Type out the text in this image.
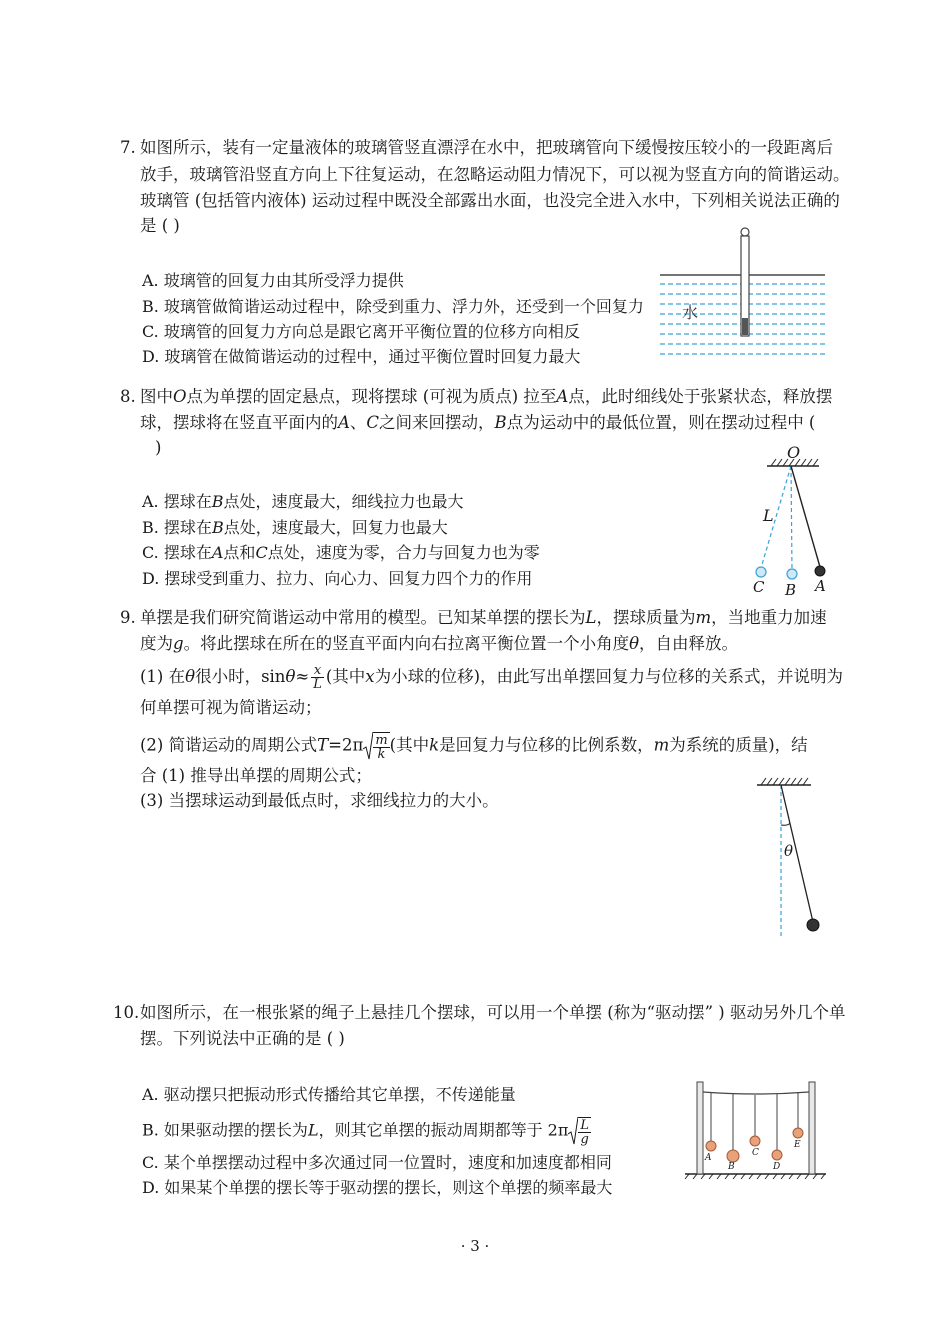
7. 如图所示，装有一定量液体的玻璃管竖直漂浮在水中，把玻璃管向下缓慢按压较小的一段距离后
放手，玻璃管沿竖直方向上下往复运动，在忽略运动阻力情况下，可以视为竖直方向的简谐运动。
玻璃管 (包括管内液体) 运动过程中既没全部露出水面，也没完全进入水中，下列相关说法正确的
是 ( )
A. 玻璃管的回复力由其所受浮力提供
B. 玻璃管做简谐运动过程中，除受到重力、浮力外，还受到一个回复力
C. 玻璃管的回复力方向总是跟它离开平衡位置的位移方向相反
D. 玻璃管在做简谐运动的过程中，通过平衡位置时回复力最大
水
8. 图中O点为单摆的固定悬点，现将摆球 (可视为质点) 拉至A点，此时细线处于张紧状态，释放摆
球，摆球将在竖直平面内的A、C之间来回摆动，B点为运动中的最低位置，则在摆动过程中 (
)
A. 摆球在B点处，速度最大，细线拉力也最大
B. 摆球在B点处，速度最大，回复力也最大
C. 摆球在A点和C点处，速度为零，合力与回复力也为零
D. 摆球受到重力、拉力、向心力、回复力四个力的作用
O
L
C B A
9. 单摆是我们研究简谐运动中常用的模型。已知某单摆的摆长为L，摆球质量为m，当地重力加速
度为g。将此摆球在所在的竖直平面内向右拉离平衡位置一个小角度θ，自由释放。
(1) 在θ很小时，$\sin\theta\approx \frac{x}{L}$ (其中x为小球的位移)，由此写出单摆回复力与位移的关系式，并说明为
何单摆可视为简谐运动；
(2) 简谐运动的周期公式$T=2\pi \frac{m}{k}$ (其中k是回复力与位移的比例系数，m为系统的质量)，结
合 (1) 推导出单摆的周期公式；
(3) 当摆球运动到最低点时，求细线拉力的大小。
θ
10. 如图所示，在一根张紧的绳子上悬挂几个摆球，可以用一个单摆 (称为“驱动摆” ) 驱动另外几个单
摆。下列说法中正确的是 ( )
A. 驱动摆只把振动形式传播给其它单摆，不传递能量
B. 如果驱动摆的摆长为L，则其它单摆的振动周期都等于 $2\pi \frac{L}{g}$
C. 某个单摆摆动过程中多次通过同一位置时，速度和加速度都相同
D. 如果某个单摆的摆长等于驱动摆的摆长，则这个单摆的频率最大
A
B
C
D
E
· 3 ·
